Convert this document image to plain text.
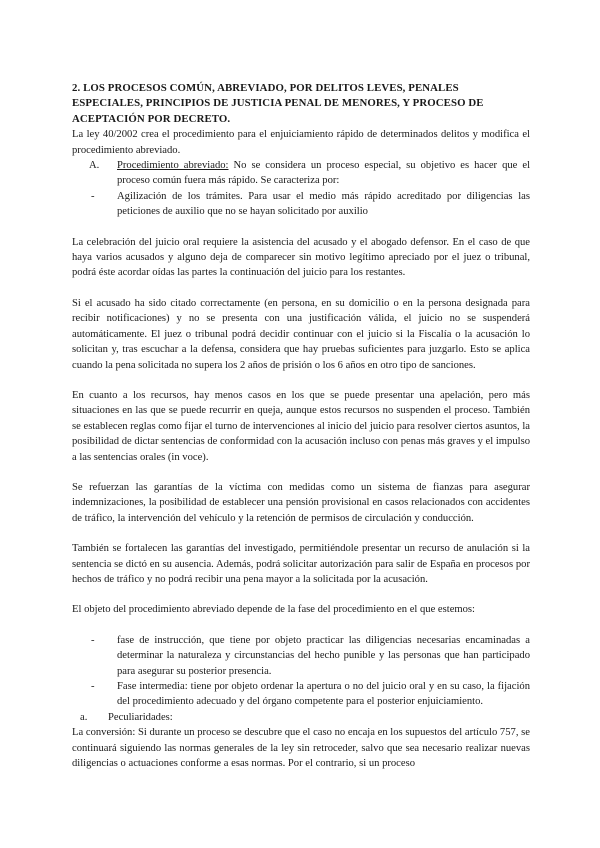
2. LOS PROCESOS COMÚN, ABREVIADO, POR DELITOS LEVES, PENALES ESPECIALES, PRINCIPIOS DE JUSTICIA PENAL DE MENORES, Y PROCESO DE ACEPTACIÓN POR DECRETO.

La ley 40/2002 crea el procedimiento para el enjuiciamiento rápido de determinados delitos y modifica el procedimiento abreviado.

A. Procedimiento abreviado: No se considera un proceso especial, su objetivo es hacer que el proceso común fuera más rápido. Se caracteriza por:

- Agilización de los trámites. Para usar el medio más rápido acreditado por diligencias las peticiones de auxilio que no se hayan solicitado por auxilio

La celebración del juicio oral requiere la asistencia del acusado y el abogado defensor. En el caso de que haya varios acusados y alguno deja de comparecer sin motivo legítimo apreciado por el juez o tribunal, podrá éste acordar oídas las partes la continuación del juicio para los restantes.

Si el acusado ha sido citado correctamente (en persona, en su domicilio o en la persona designada para recibir notificaciones) y no se presenta con una justificación válida, el juicio no se suspenderá automáticamente. El juez o tribunal podrá decidir continuar con el juicio si la Fiscalía o la acusación lo solicitan y, tras escuchar a la defensa, considera que hay pruebas suficientes para juzgarlo. Esto se aplica cuando la pena solicitada no supera los 2 años de prisión o los 6 años en otro tipo de sanciones.

En cuanto a los recursos, hay menos casos en los que se puede presentar una apelación, pero más situaciones en las que se puede recurrir en queja, aunque estos recursos no suspenden el proceso. También se establecen reglas como fijar el turno de intervenciones al inicio del juicio para resolver ciertos asuntos, la posibilidad de dictar sentencias de conformidad con la acusación incluso con penas más graves y el impulso a las sentencias orales (in voce).

Se refuerzan las garantías de la víctima con medidas como un sistema de fianzas para asegurar indemnizaciones, la posibilidad de establecer una pensión provisional en casos relacionados con accidentes de tráfico, la intervención del vehículo y la retención de permisos de circulación y conducción.

También se fortalecen las garantías del investigado, permitiéndole presentar un recurso de anulación si la sentencia se dictó en su ausencia. Además, podrá solicitar autorización para salir de España en procesos por hechos de tráfico y no podrá recibir una pena mayor a la solicitada por la acusación.

El objeto del procedimiento abreviado depende de la fase del procedimiento en el que estemos:

- fase de instrucción, que tiene por objeto practicar las diligencias necesarias encaminadas a determinar la naturaleza y circunstancias del hecho punible y las personas que han participado para asegurar su posterior presencia.

- Fase intermedia: tiene por objeto ordenar la apertura o no del juicio oral y en su caso, la fijación del procedimiento adecuado y del órgano competente para el posterior enjuiciamiento.

a. Peculiaridades:

La conversión: Si durante un proceso se descubre que el caso no encaja en los supuestos del artículo 757, se continuará siguiendo las normas generales de la ley sin retroceder, salvo que sea necesario realizar nuevas diligencias o actuaciones conforme a esas normas. Por el contrario, si un proceso
